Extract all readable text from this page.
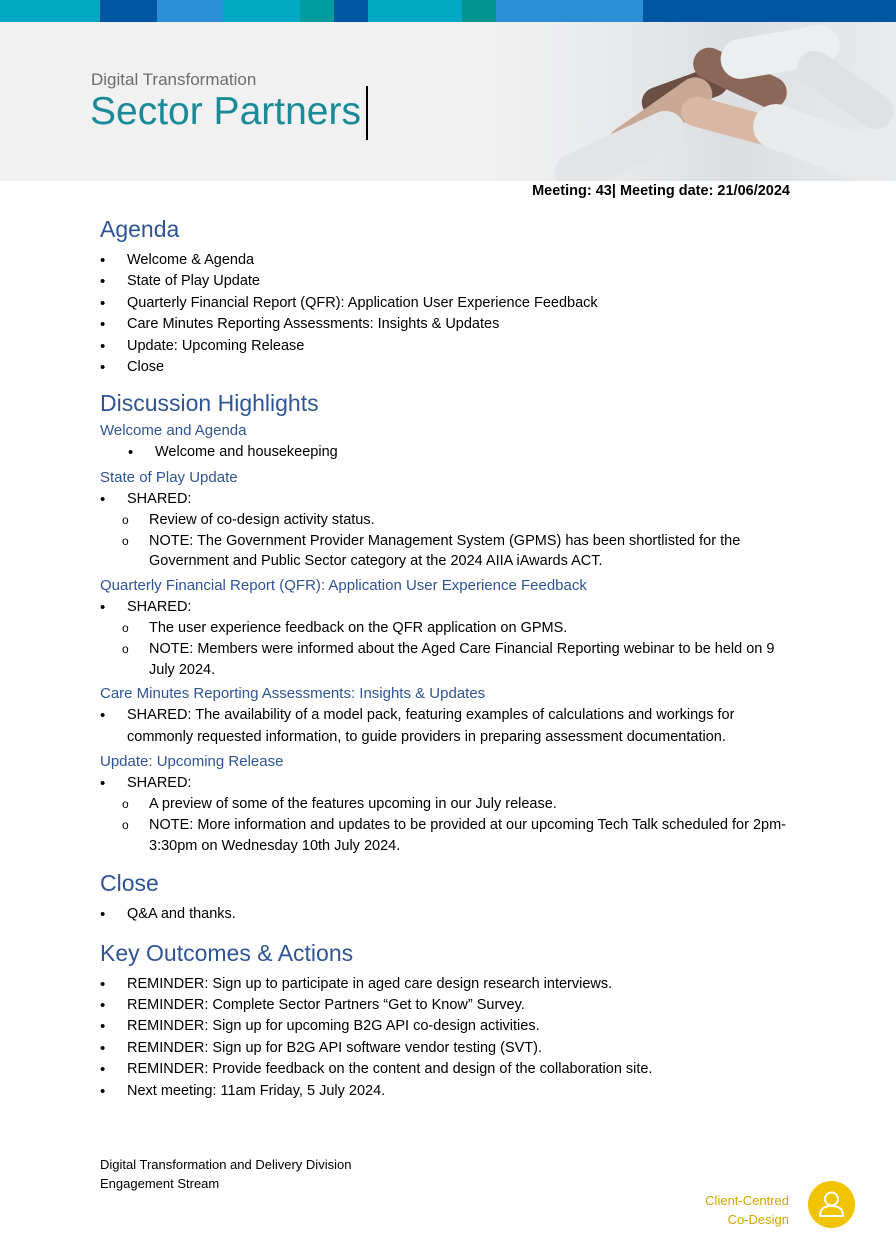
Digital Transformation
Sector Partners
Meeting: 43| Meeting date: 21/06/2024
Agenda
• Welcome & Agenda
• State of Play Update
• Quarterly Financial Report (QFR): Application User Experience Feedback
• Care Minutes Reporting Assessments: Insights & Updates
• Update: Upcoming Release
• Close
Discussion Highlights
Welcome and Agenda
• Welcome and housekeeping
State of Play Update
• SHARED:
o Review of co-design activity status.
o NOTE: The Government Provider Management System (GPMS) has been shortlisted for the Government and Public Sector category at the 2024 AIIA iAwards ACT.
Quarterly Financial Report (QFR): Application User Experience Feedback
• SHARED:
o The user experience feedback on the QFR application on GPMS.
o NOTE: Members were informed about the Aged Care Financial Reporting webinar to be held on 9 July 2024.
Care Minutes Reporting Assessments: Insights & Updates
• SHARED: The availability of a model pack, featuring examples of calculations and workings for commonly requested information, to guide providers in preparing assessment documentation.
Update: Upcoming Release
• SHARED:
o A preview of some of the features upcoming in our July release.
o NOTE: More information and updates to be provided at our upcoming Tech Talk scheduled for 2pm-3:30pm on Wednesday 10th July 2024.
Close
• Q&A and thanks.
Key Outcomes & Actions
• REMINDER: Sign up to participate in aged care design research interviews.
• REMINDER: Complete Sector Partners “Get to Know” Survey.
• REMINDER: Sign up for upcoming B2G API co-design activities.
• REMINDER: Sign up for B2G API software vendor testing (SVT).
• REMINDER: Provide feedback on the content and design of the collaboration site.
• Next meeting: 11am Friday, 5 July 2024.
Digital Transformation and Delivery Division
Engagement Stream
Client-Centred
Co-Design
